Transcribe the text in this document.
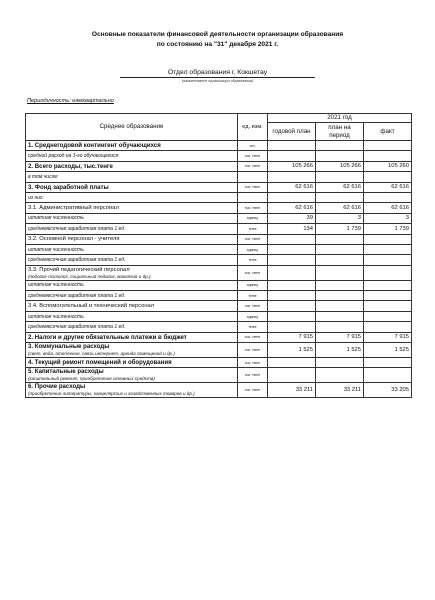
Основные показатели финансовой деятельности организации образования
по состоянию на "31" декабря 2021 г.
Отдел образования г. Кокшетау
(наименование организации образования)
Периодичность: ежеквартально
Среднее образование	ед. изм.	2021 год		
		годовой план	план на период	факт
1. Среднегодовой контингент обучающихся	чел.			
средний расход на 1-го обучающегося	тыс. тенге			
2. Всего расходы, тыс.тенге	тыс. тенге	105 266	105 266	105 260
в том числе:				
3. Фонд заработной платы	тыс. тенге	62 616	62 616	62 616
из них:				
3.1. Административный персонал	тыс. тенге	62 616	62 616	62 616
штатная численность	единиц	39	3	3
среднемесячная заработная плата 1 ед.	тенге	134	1 739	1 739
3.2. Основной персонал - учителя	тыс. тенге			
штатная численность	единиц			
среднемесячная заработная плата 1 ед.	тенге			

3.3. Прочий педагогический персонал
(педагог-психолог, социальный педагог, вожатый и др.)	тыс. тенге			
штатная численность	единиц			
среднемесячная заработная плата 1 ед.	тенге			
3.4. Вспомогательный и технический персонал	тыс. тенге			
штатная численность	единиц			
среднемесячная заработная плата 1 ед.	тенге			
2. Налоги и другие обязательные платежи в бюджет	тыс. тенге	7 915	7 915	7 915

3. Коммунальные расходы
(свет, вода, отопление, связь,интернет, аренда помещений и др.)	тыс. тенге	1 525	1 525	1 525
4. Текущий ремонт помещений и оборудования	тыс. тенге			

5. Капитальные расходы
(капитальный ремонт, приобретение основных средств)	тыс. тенге			

6. Прочие расходы
(приобретение литературы, канцелярских и хозяйственных товаров и др.)	тыс. тенге	33 211	33 211	33 205
